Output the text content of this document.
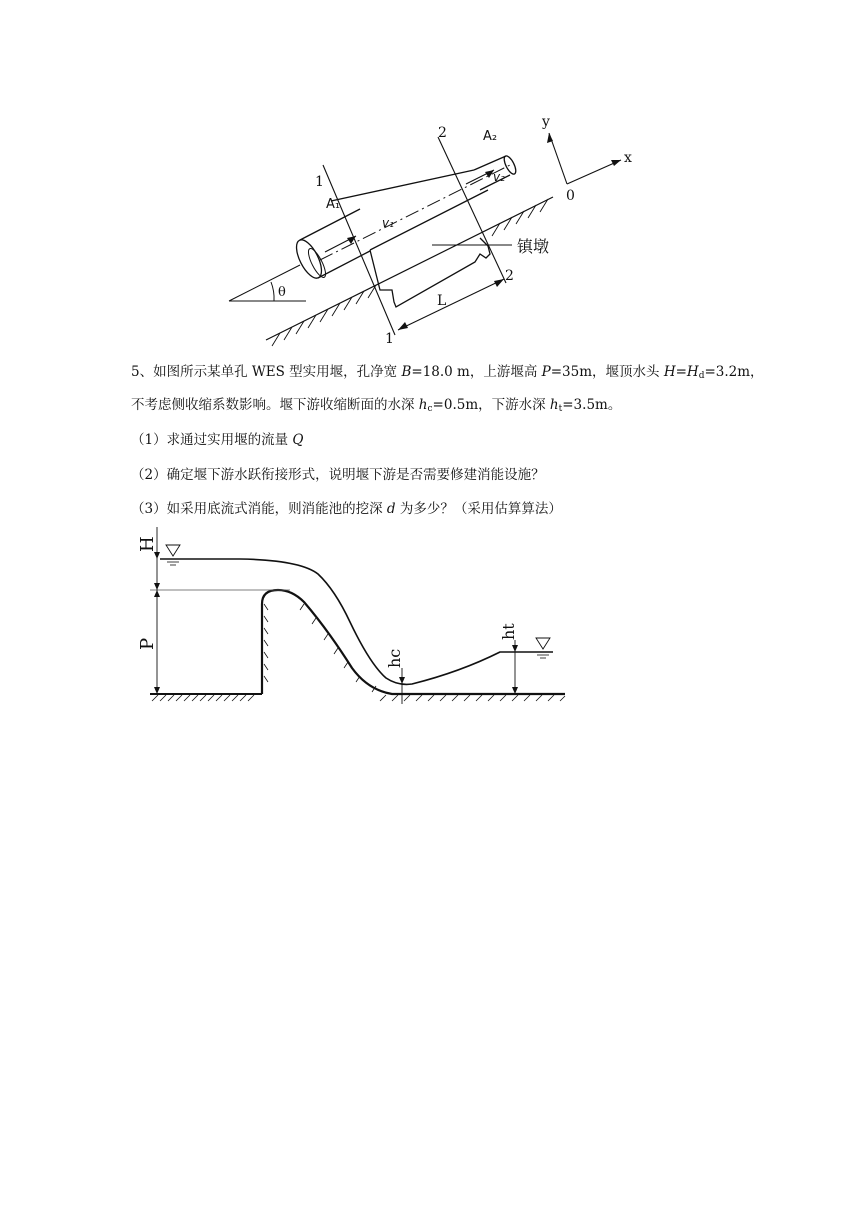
θ
L
镇墩
1
2
A₁
A₂
v₁
v₂
2
1
y
x
0
5、如图所示某单孔 WES 型实用堰，孔净宽 B=18.0 m，上游堰高 P=35m，堰顶水头 $H=H_d=3.2m$，
不考虑侧收缩系数影响。堰下游收缩断面的水深 $h_c=0.5m$，下游水深 $h_t=3.5m$。
（1）求通过实用堰的流量 Q
（2）确定堰下游水跃衔接形式，说明堰下游是否需要修建消能设施？
（3）如采用底流式消能，则消能池的挖深 d 为多少？（采用估算算法）
H
P
hc
ht
